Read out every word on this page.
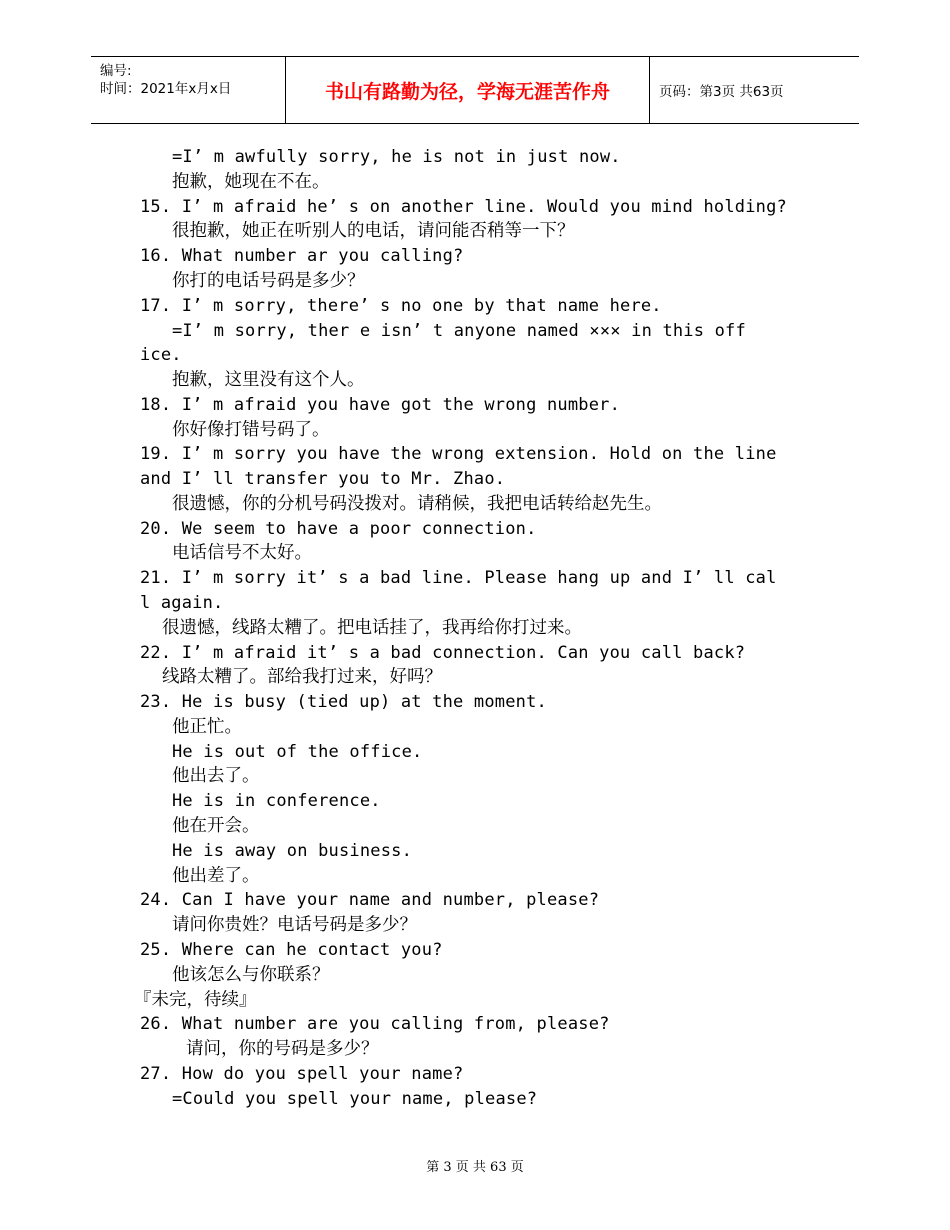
编号:
时间：2021年x月x日	书山有路勤为径，学海无涯苦作舟	页码：第3页 共63页
=I’ m awfully sorry, he is not in just now.
抱歉，她现在不在。
15. I’ m afraid he’ s on another line. Would you mind holding?
很抱歉，她正在听别人的电话，请问能否稍等一下？
16. What number ar you calling?
你打的电话号码是多少？
17. I’ m sorry, there’ s no one by that name here.
=I’ m sorry, ther e isn’ t anyone named ××× in this off
ice.
抱歉，这里没有这个人。
18. I’ m afraid you have got the wrong number.
你好像打错号码了。
19. I’ m sorry you have the wrong extension. Hold on the line
and I’ ll transfer you to Mr. Zhao.
很遗憾，你的分机号码没拨对。请稍候，我把电话转给赵先生。
20. We seem to have a poor connection.
电话信号不太好。
21. I’ m sorry it’ s a bad line. Please hang up and I’ ll cal
l again.
很遗憾，线路太糟了。把电话挂了，我再给你打过来。
22. I’ m afraid it’ s a bad connection. Can you call back?
线路太糟了。部给我打过来，好吗？
23. He is busy (tied up) at the moment.
他正忙。
He is out of the office.
他出去了。
He is in conference.
他在开会。
He is away on business.
他出差了。
24. Can I have your name and number, please?
请问你贵姓？电话号码是多少？
25. Where can he contact you?
他该怎么与你联系？
『未完，待续』
26. What number are you calling from, please?
请问，你的号码是多少？
27. How do you spell your name?
=Could you spell your name, please?
第 3 页 共 63 页
